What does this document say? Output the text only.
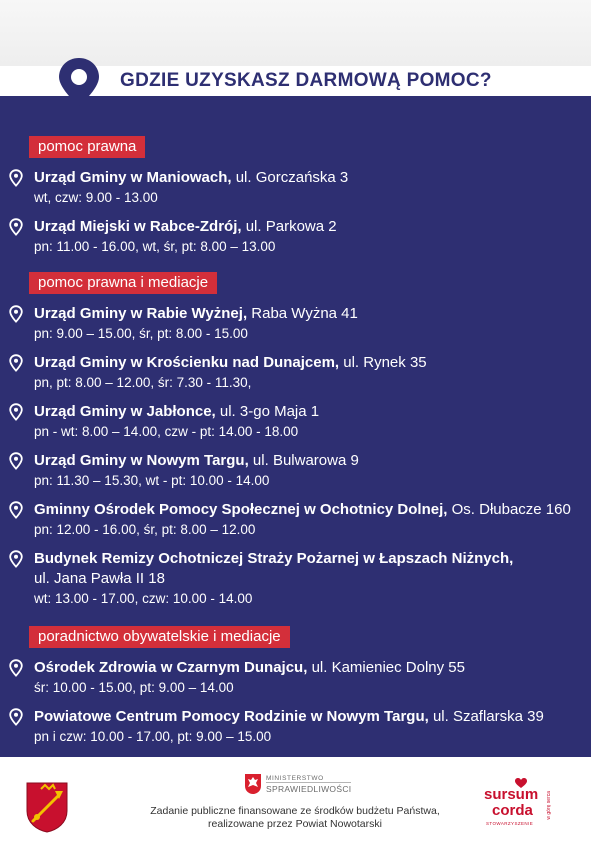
GDZIE UZYSKASZ DARMOWĄ POMOC?
pomoc prawna
Urząd Gminy w Maniowach, ul. Gorczańska 3
wt, czw: 9.00 - 13.00
Urząd Miejski w Rabce-Zdrój, ul. Parkowa 2
pn: 11.00 - 16.00, wt, śr, pt: 8.00 – 13.00
pomoc prawna i mediacje
Urząd Gminy w Rabie Wyżnej, Raba Wyżna 41
pn: 9.00 – 15.00, śr, pt: 8.00 - 15.00
Urząd Gminy w Krościenku nad Dunajcem, ul. Rynek 35
pn, pt: 8.00 – 12.00, śr: 7.30 - 11.30,
Urząd Gminy w Jabłonce, ul. 3-go Maja 1
pn - wt: 8.00 – 14.00, czw - pt: 14.00 - 18.00
Urząd Gminy w Nowym Targu, ul. Bulwarowa 9
pn: 11.30 – 15.30, wt - pt: 10.00 - 14.00
Gminny Ośrodek Pomocy Społecznej w Ochotnicy Dolnej, Os. Dłubacze 160
pn: 12.00 - 16.00, śr, pt: 8.00 – 12.00
Budynek Remizy Ochotniczej Straży Pożarnej w Łapszach Niżnych,
ul. Jana Pawła II 18
wt: 13.00 - 17.00, czw: 10.00 - 14.00
poradnictwo obywatelskie i mediacje
Ośrodek Zdrowia w Czarnym Dunajcu, ul. Kamieniec Dolny 55
śr: 10.00 - 15.00, pt: 9.00 – 14.00
Powiatowe Centrum Pomocy Rodzinie w Nowym Targu, ul. Szaflarska 39
pn i czw: 10.00 - 17.00, pt: 9.00 – 15.00
MINISTERSTWO
SPRAWIEDLIWOŚCI
Zadanie publiczne finansowane ze środków budżetu Państwa,
realizowane przez Powiat Nowotarski
sursum
corda
STOWARZYSZENIE
w górę serca
